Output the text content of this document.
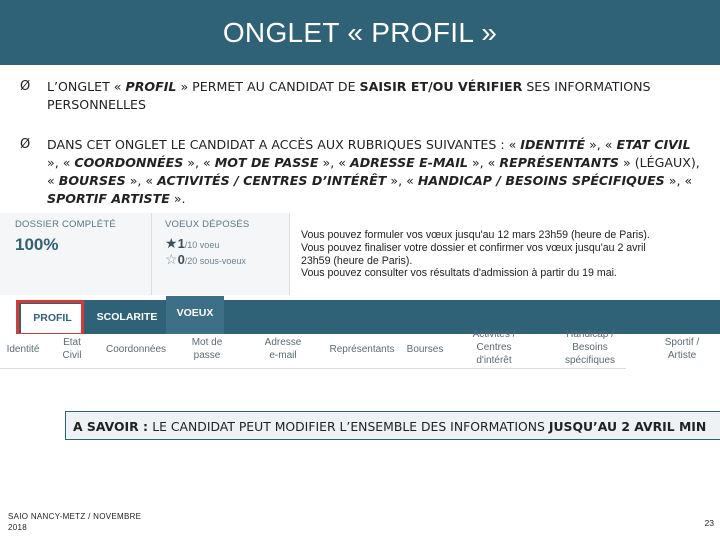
ONGLET « PROFIL »
Ø L’ONGLET « PROFIL » PERMET AU CANDIDAT DE SAISIR ET/OU VÉRIFIER SES INFORMATIONS PERSONNELLES
Ø DANS CET ONGLET LE CANDIDAT A ACCÈS AUX RUBRIQUES SUIVANTES : « IDENTITÉ », « ETAT CIVIL », « COORDONNÉES », « MOT DE PASSE », « ADRESSE E-MAIL », « REPRÉSENTANTS » (LÉGAUX), « BOURSES », « ACTIVITÉS / CENTRES D’INTÉRÊT », « HANDICAP / BESOINS SPÉCIFIQUES », « SPORTIF ARTISTE ».
DOSSIER COMPLÉTÉ
100%
VOEUX DÉPOSÉS
★1/10 voeu
☆0/20 sous-voeux
Vous pouvez formuler vos vœux jusqu'au 12 mars 23h59 (heure de Paris).
Vous pouvez finaliser votre dossier et confirmer vos vœux jusqu'au 2 avril
23h59 (heure de Paris).
Vous pouvez consulter vos résultats d'admission à partir du 19 mai.
PROFIL	SCOLARITE	VOEUX
Identité
Etat
Civil
Coordonnées
Mot de
passe
Adresse
e-mail
Représentants Bourses
Activités /
Centres
d'intérêt
Handicap /
Besoins
spécifiques
Sportif /
Artiste
A SAVOIR : LE CANDIDAT PEUT MODIFIER L’ENSEMBLE DES INFORMATIONS JUSQU’AU 2 AVRIL MIN
SAIO NANCY-METZ / NOVEMBRE
2018	23
